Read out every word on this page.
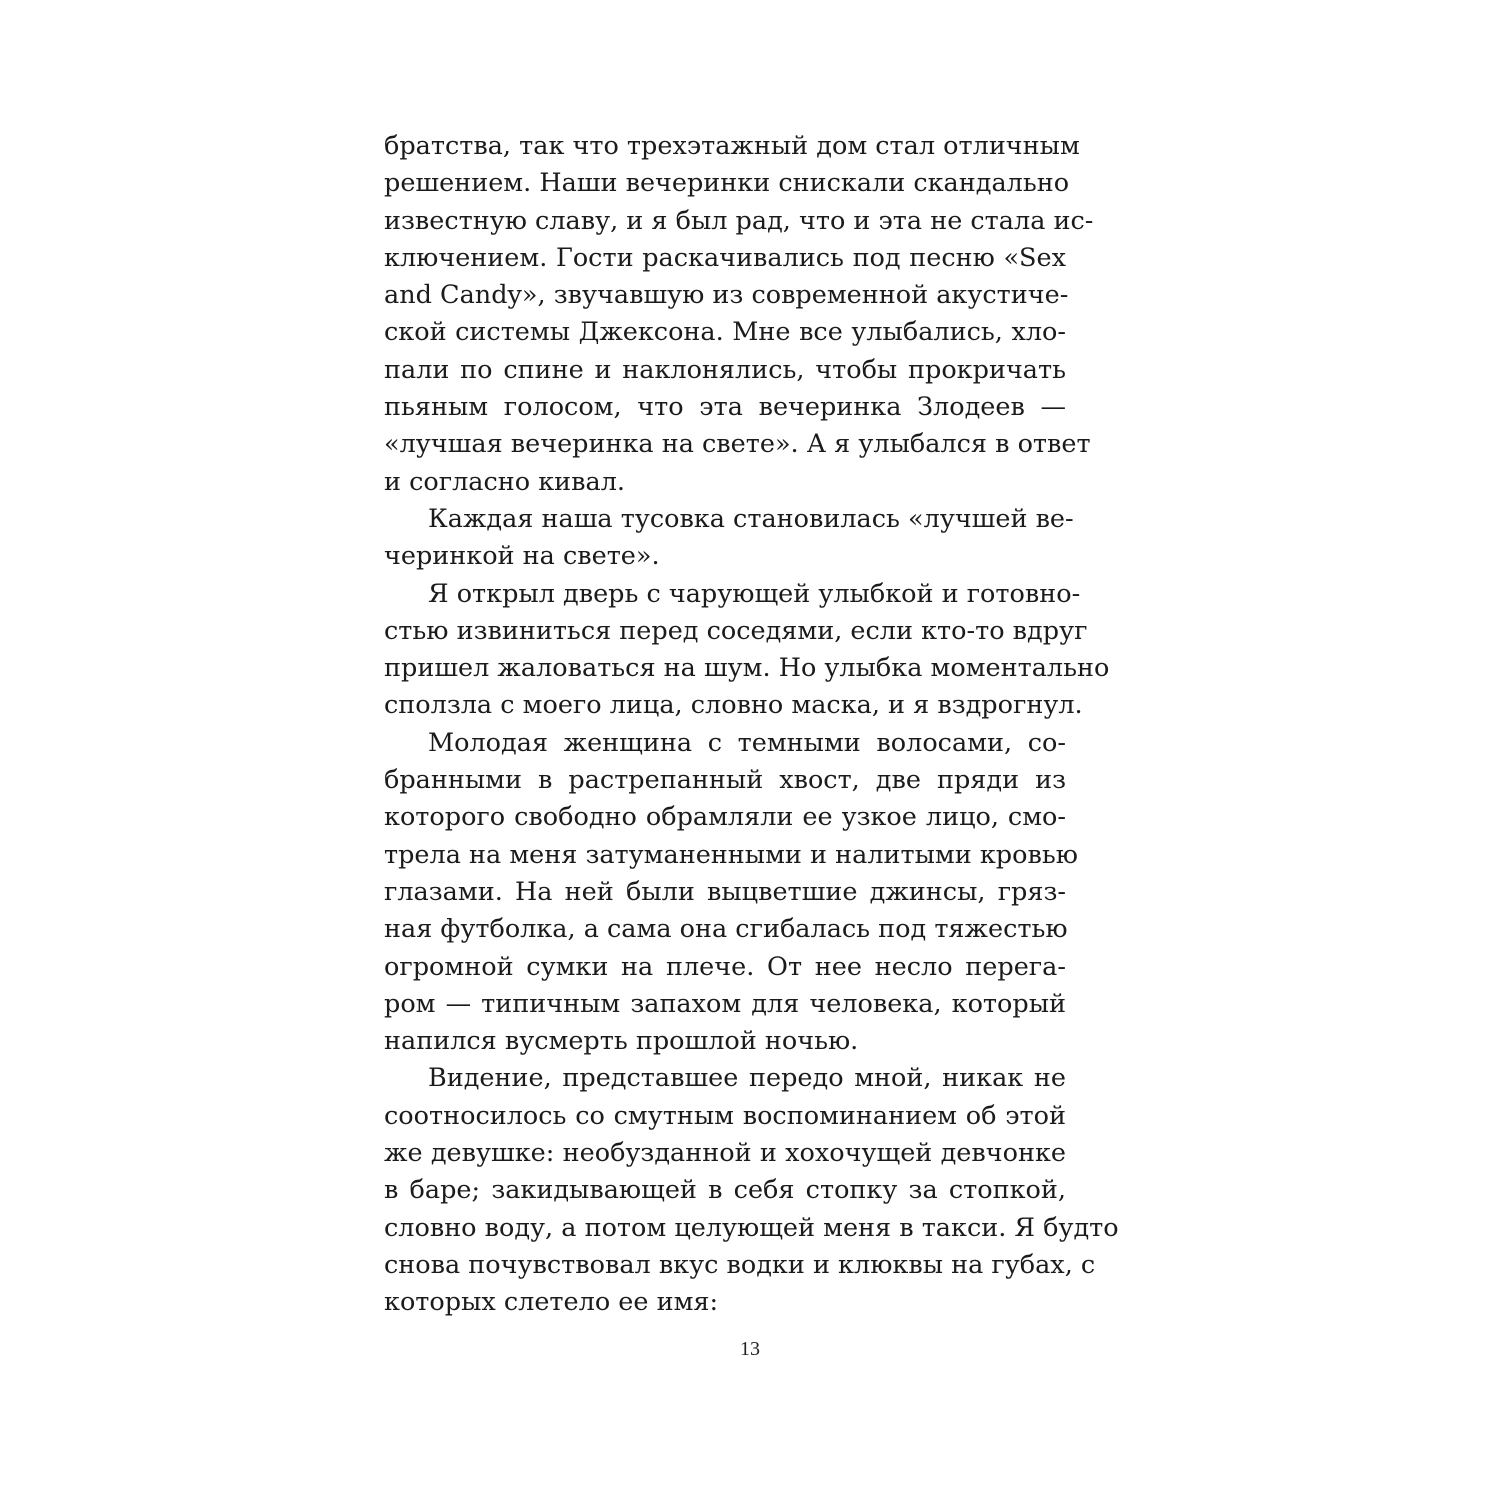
братства, так что трехэтажный дом стал отличным
решением. Наши вечеринки снискали скандально
известную славу, и я был рад, что и эта не стала ис-
ключением. Гости раскачивались под песню «Sex
and Candy», звучавшую из современной акустиче-
ской системы Джексона. Мне все улыбались, хло-
пали по спине и наклонялись, чтобы прокричать
пьяным голосом, что эта вечеринка Злодеев —
«лучшая вечеринка на свете». А я улыбался в ответ
и согласно кивал.
Каждая наша тусовка становилась «лучшей ве-
черинкой на свете».
Я открыл дверь с чарующей улыбкой и готовно-
стью извиниться перед соседями, если кто-то вдруг
пришел жаловаться на шум. Но улыбка моментально
сползла с моего лица, словно маска, и я вздрогнул.
Молодая женщина с темными волосами, со-
бранными в растрепанный хвост, две пряди из
которого свободно обрамляли ее узкое лицо, смо-
трела на меня затуманенными и налитыми кровью
глазами. На ней были выцветшие джинсы, гряз-
ная футболка, а сама она сгибалась под тяжестью
огромной сумки на плече. От нее несло перега-
ром — типичным запахом для человека, который
напился вусмерть прошлой ночью.
Видение, представшее передо мной, никак не
соотносилось со смутным воспоминанием об этой
же девушке: необузданной и хохочущей девчонке
в баре; закидывающей в себя стопку за стопкой,
словно воду, а потом целующей меня в такси. Я будто
снова почувствовал вкус водки и клюквы на губах, с
которых слетело ее имя:
13
